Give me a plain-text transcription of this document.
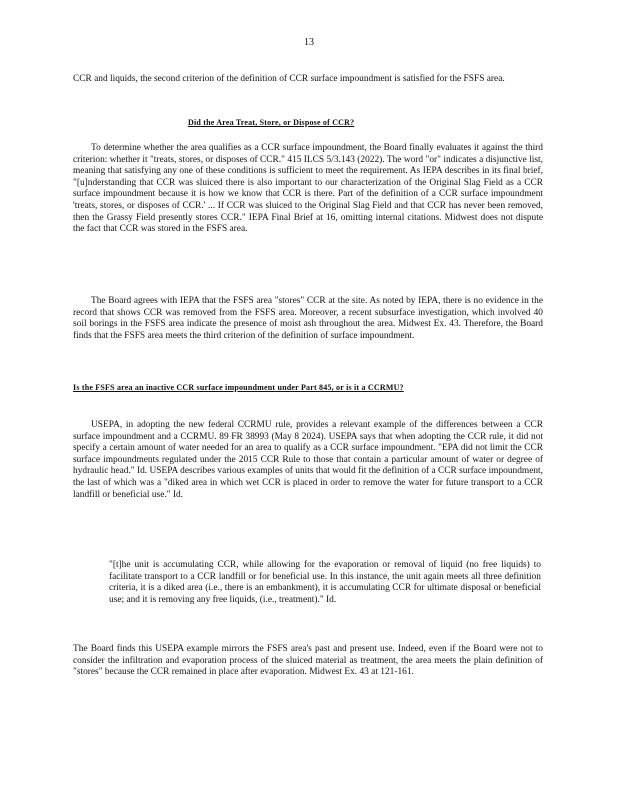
13

CCR and liquids, the second criterion of the definition of CCR surface impoundment is satisfied for the FSFS area.

Did the Area Treat, Store, or Dispose of CCR?

To determine whether the area qualifies as a CCR surface impoundment, the Board finally evaluates it against the third criterion: whether it "treats, stores, or disposes of CCR." 415 ILCS 5/3.143 (2022). The word "or" indicates a disjunctive list, meaning that satisfying any one of these conditions is sufficient to meet the requirement. As IEPA describes in its final brief, "[u]nderstanding that CCR was sluiced there is also important to our characterization of the Original Slag Field as a CCR surface impoundment because it is how we know that CCR is there. Part of the definition of a CCR surface impoundment 'treats, stores, or disposes of CCR.' ... If CCR was sluiced to the Original Slag Field and that CCR has never been removed, then the Grassy Field presently stores CCR." IEPA Final Brief at 16, omitting internal citations. Midwest does not dispute the fact that CCR was stored in the FSFS area.

The Board agrees with IEPA that the FSFS area "stores" CCR at the site. As noted by IEPA, there is no evidence in the record that shows CCR was removed from the FSFS area. Moreover, a recent subsurface investigation, which involved 40 soil borings in the FSFS area indicate the presence of moist ash throughout the area. Midwest Ex. 43. Therefore, the Board finds that the FSFS area meets the third criterion of the definition of surface impoundment.

Is the FSFS area an inactive CCR surface impoundment under Part 845, or is it a CCRMU?

USEPA, in adopting the new federal CCRMU rule, provides a relevant example of the differences between a CCR surface impoundment and a CCRMU. 89 FR 38993 (May 8 2024). USEPA says that when adopting the CCR rule, it did not specify a certain amount of water needed for an area to qualify as a CCR surface impoundment. "EPA did not limit the CCR surface impoundments regulated under the 2015 CCR Rule to those that contain a particular amount of water or degree of hydraulic head." Id. USEPA describes various examples of units that would fit the definition of a CCR surface impoundment, the last of which was a "diked area in which wet CCR is placed in order to remove the water for future transport to a CCR landfill or beneficial use." Id.

"[t]he unit is accumulating CCR, while allowing for the evaporation or removal of liquid (no free liquids) to facilitate transport to a CCR landfill or for beneficial use. In this instance, the unit again meets all three definition criteria, it is a diked area (i.e., there is an embankment), it is accumulating CCR for ultimate disposal or beneficial use; and it is removing any free liquids, (i.e., treatment)." Id.

The Board finds this USEPA example mirrors the FSFS area's past and present use. Indeed, even if the Board were not to consider the infiltration and evaporation process of the sluiced material as treatment, the area meets the plain definition of "stores" because the CCR remained in place after evaporation. Midwest Ex. 43 at 121-161.
